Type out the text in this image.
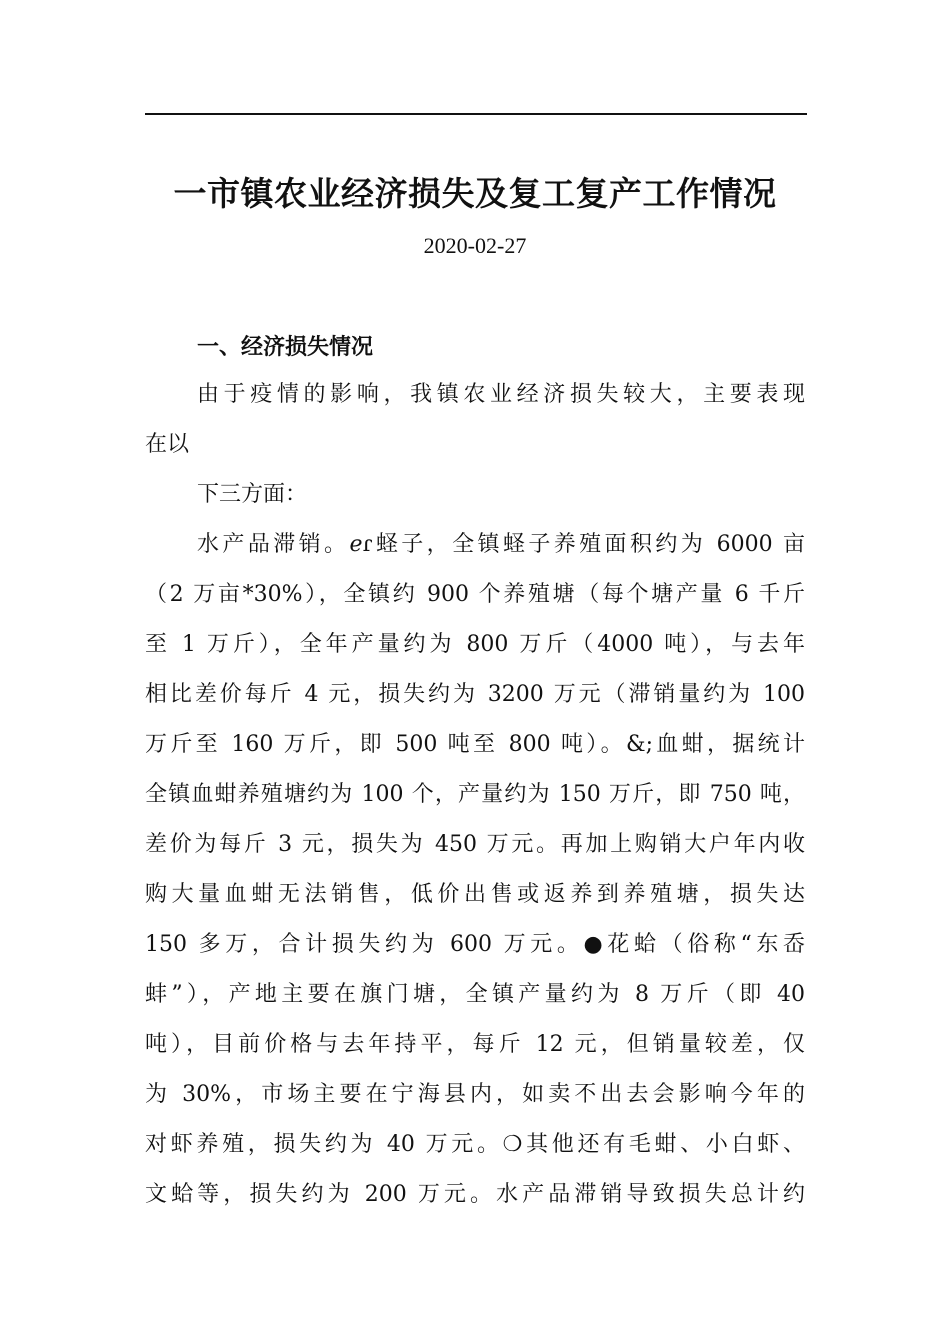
一市镇农业经济损失及复工复产工作情况
2020-02-27
一、经济损失情况
由于疫情的影响，我镇农业经济损失较大，主要表现
在以
下三方面：
水产品滞销。ℯɾ蛏子，全镇蛏子养殖面积约为 6000 亩
（2 万亩*30%），全镇约 900 个养殖塘（每个塘产量 6 千斤
至 1 万斤），全年产量约为 800 万斤（4000 吨），与去年
相比差价每斤 4 元，损失约为 3200 万元（滞销量约为 100
万斤至 160 万斤，即 500 吨至 800 吨）。&;血蚶，据统计
全镇血蚶养殖塘约为 100 个，产量约为 150 万斤，即 750 吨，
差价为每斤 3 元，损失为 450 万元。再加上购销大户年内收
购大量血蚶无法销售，低价出售或返养到养殖塘，损失达
150 多万，合计损失约为 600 万元。●花蛤（俗称“东岙
蚌”），产地主要在旗门塘，全镇产量约为 8 万斤（即 40
吨），目前价格与去年持平，每斤 12 元，但销量较差，仅
为 30%，市场主要在宁海县内，如卖不出去会影响今年的
对虾养殖，损失约为 40 万元。❍其他还有毛蚶、小白虾、
文蛤等，损失约为 200 万元。水产品滞销导致损失总计约
